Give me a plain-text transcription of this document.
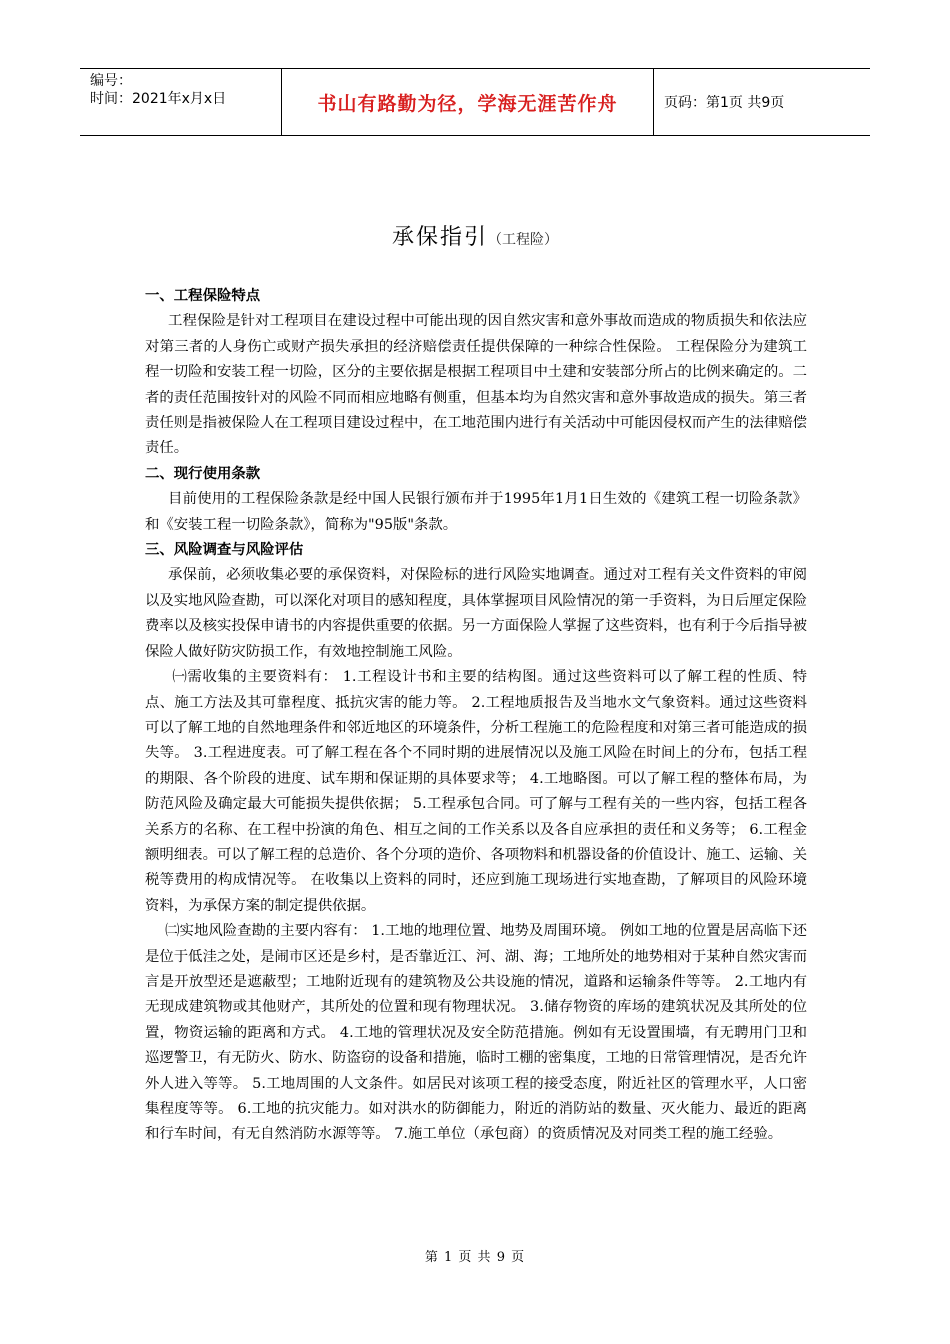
编号：
时间：2021年x月x日	书山有路勤为径，学海无涯苦作舟	页码：第1页 共9页
承保指引（工程险）
一、工程保险特点

工程保险是针对工程项目在建设过程中可能出现的因自然灾害和意外事故而造成的物质损失和依法应对第三者的人身伤亡或财产损失承担的经济赔偿责任提供保障的一种综合性保险。 工程保险分为建筑工程一切险和安装工程一切险，区分的主要依据是根据工程项目中土建和安装部分所占的比例来确定的。二者的责任范围按针对的风险不同而相应地略有侧重，但基本均为自然灾害和意外事故造成的损失。第三者责任则是指被保险人在工程项目建设过程中，在工地范围内进行有关活动中可能因侵权而产生的法律赔偿责任。

二、现行使用条款

目前使用的工程保险条款是经中国人民银行颁布并于1995年1月1日生效的《建筑工程一切险条款》和《安装工程一切险条款》，简称为"95版"条款。

三、风险调查与风险评估

承保前，必须收集必要的承保资料，对保险标的进行风险实地调查。通过对工程有关文件资料的审阅以及实地风险查勘，可以深化对项目的感知程度，具体掌握项目风险情况的第一手资料，为日后厘定保险费率以及核实投保申请书的内容提供重要的依据。另一方面保险人掌握了这些资料，也有利于今后指导被保险人做好防灾防损工作，有效地控制施工风险。

㈠需收集的主要资料有： 1.工程设计书和主要的结构图。通过这些资料可以了解工程的性质、特点、施工方法及其可靠程度、抵抗灾害的能力等。 2.工程地质报告及当地水文气象资料。通过这些资料可以了解工地的自然地理条件和邻近地区的环境条件，分析工程施工的危险程度和对第三者可能造成的损失等。 3.工程进度表。可了解工程在各个不同时期的进展情况以及施工风险在时间上的分布，包括工程的期限、各个阶段的进度、试车期和保证期的具体要求等； 4.工地略图。可以了解工程的整体布局，为防范风险及确定最大可能损失提供依据； 5.工程承包合同。可了解与工程有关的一些内容，包括工程各关系方的名称、在工程中扮演的角色、相互之间的工作关系以及各自应承担的责任和义务等； 6.工程金额明细表。可以了解工程的总造价、各个分项的造价、各项物料和机器设备的价值设计、施工、运输、关税等费用的构成情况等。 在收集以上资料的同时，还应到施工现场进行实地查勘，了解项目的风险环境资料，为承保方案的制定提供依据。

㈡实地风险查勘的主要内容有： 1.工地的地理位置、地势及周围环境。 例如工地的位置是居高临下还是位于低洼之处，是闹市区还是乡村，是否靠近江、河、湖、海；工地所处的地势相对于某种自然灾害而言是开放型还是遮蔽型；工地附近现有的建筑物及公共设施的情况，道路和运输条件等等。 2.工地内有无现成建筑物或其他财产，其所处的位置和现有物理状况。 3.储存物资的库场的建筑状况及其所处的位置，物资运输的距离和方式。 4.工地的管理状况及安全防范措施。例如有无设置围墙，有无聘用门卫和巡逻警卫，有无防火、防水、防盗窃的设备和措施，临时工棚的密集度，工地的日常管理情况，是否允许外人进入等等。 5.工地周围的人文条件。如居民对该项工程的接受态度，附近社区的管理水平，人口密集程度等等。 6.工地的抗灾能力。如对洪水的防御能力，附近的消防站的数量、灭火能力、最近的距离和行车时间，有无自然消防水源等等。 7.施工单位（承包商）的资质情况及对同类工程的施工经验。

第 1 页 共 9 页
